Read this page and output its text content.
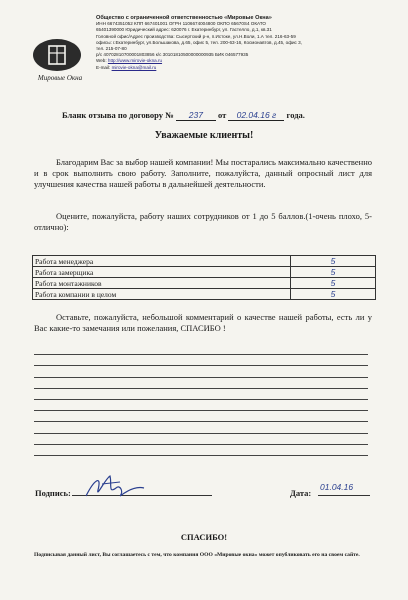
Мировые Окна
Общество с ограниченной ответственностью «Мировые Окна»
ИНН 6674351052 КПП 667401001 ОГРН 1106674004800 ОКПО 65670S4 ОКАТО
65401390000 Юридический адрес: 620076 г. Екатеринбург, ул. Гастелло, д.1, кв.31
Головной офис/Адрес производства: Сысертский р-н, п.Истоке, ул.Н.Воли, 1.А тел. 216-63-59
офисы: г.Екатеринбург, ул.Большакова, д.65, офис 5, тел. 200-63-16, Космонавтов, д.45, офис 3,
тел. 215-07-80
р/с 40702810700001803856 к/с 30101810500000000935 БИК 046577935
Web: http://www.mirovie-okna.ru
E-mail: mirovie-okna@mail.ru
Бланк отзыва по договору № 237 от 02.04.16 г года.
Уважаемые клиенты!
Благодарим Вас за выбор нашей компании! Мы постарались максимально качественно и в срок выполнить свою работу. Заполните, пожалуйста, данный опросный лист для улучшения качества нашей работы в дальнейшей деятельности.
Оцените, пожалуйста, работу наших сотрудников от 1 до 5 баллов.(1-очень плохо, 5-отлично):
Работа менеджера	5
Работа замерщика	5
Работа монтажников	5
Работа компании в целом	5
Оставьте, пожалуйста, небольшой комментарий о качестве нашей работы, есть ли у Вас какие-то замечания или пожелания, СПАСИБО !
Подпись:	Дата:
01.04.16
СПАСИБО!
Подписывая данный лист, Вы соглашаетесь с тем, что компания ООО «Мировые окна» может опубликовать его на своем сайте.
